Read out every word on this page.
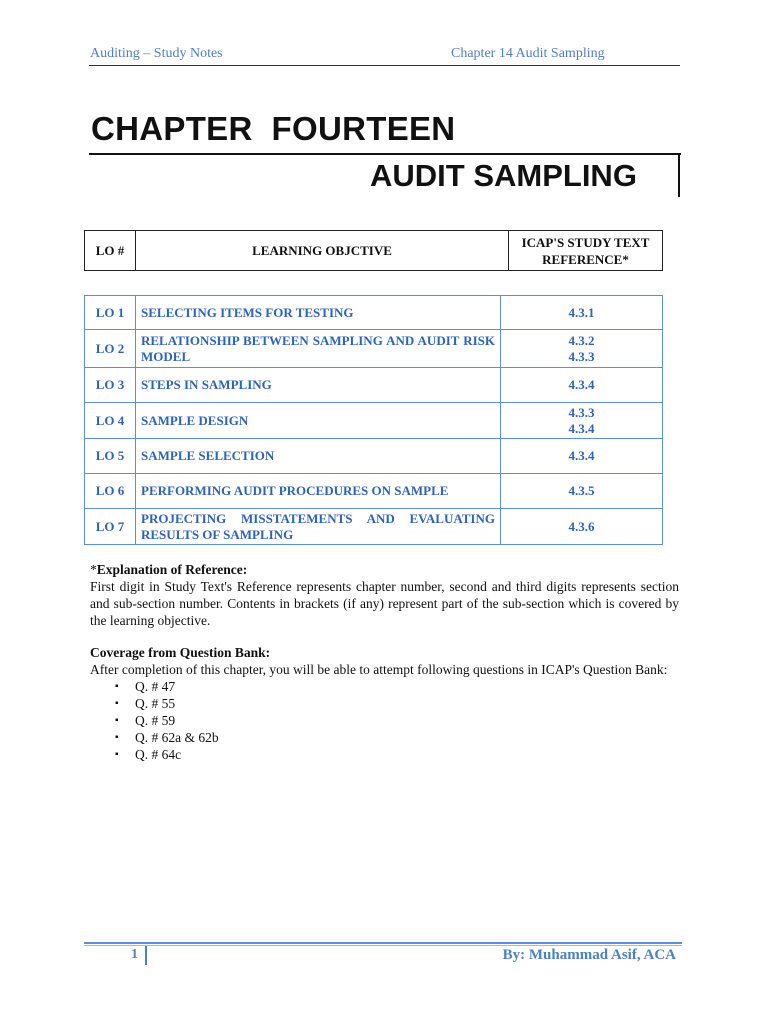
Auditing – Study Notes	Chapter 14 Audit Sampling
CHAPTER  FOURTEEN
AUDIT SAMPLING
LO #	LEARNING OBJCTIVE	
ICAP'S STUDY TEXT
REFERENCE*
LO 1	SELECTING ITEMS FOR TESTING	4.3.1

LO 2	RELATIONSHIP BETWEEN SAMPLING AND AUDIT RISK MODEL	4.3.2
4.3.3

LO 3	STEPS IN SAMPLING	4.3.4

LO 4	SAMPLE DESIGN	4.3.3
4.3.4

LO 5	SAMPLE SELECTION	4.3.4

LO 6	PERFORMING AUDIT PROCEDURES ON SAMPLE	4.3.5

LO 7	PROJECTING MISSTATEMENTS AND EVALUATING RESULTS OF SAMPLING	4.3.6
*Explanation of Reference:

First digit in Study Text's Reference represents chapter number, second and third digits represents section and sub-section number. Contents in brackets (if any) represent part of the sub-section which is covered by the learning objective.

Coverage from Question Bank:

After completion of this chapter, you will be able to attempt following questions in ICAP's Question Bank:

▪ Q. # 47
▪ Q. # 55
▪ Q. # 59
▪ Q. # 62a & 62b
▪ Q. # 64c
1	By: Muhammad Asif, ACA
